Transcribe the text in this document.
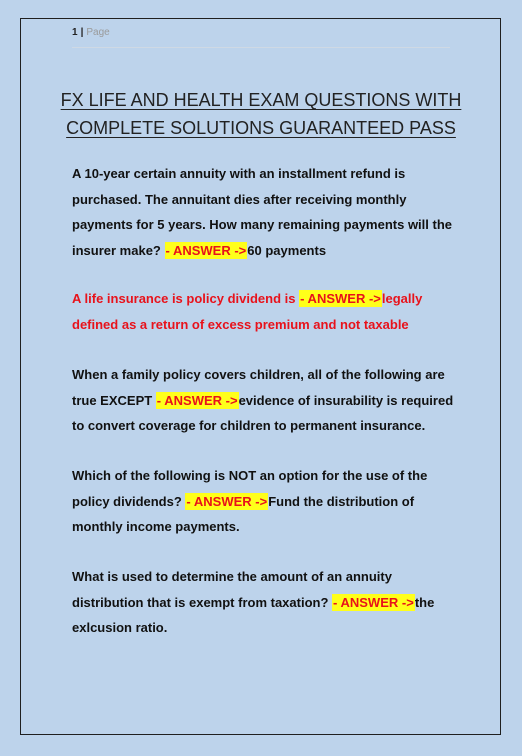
1 | Page
FX LIFE AND HEALTH EXAM QUESTIONS WITH COMPLETE SOLUTIONS GUARANTEED PASS
A 10-year certain annuity with an installment refund is purchased. The annuitant dies after receiving monthly payments for 5 years. How many remaining payments will the insurer make? - ANSWER ->60 payments
A life insurance is policy dividend is - ANSWER ->legally defined as a return of excess premium and not taxable
When a family policy covers children, all of the following are true EXCEPT - ANSWER ->evidence of insurability is required to convert coverage for children to permanent insurance.
Which of the following is NOT an option for the use of the policy dividends? - ANSWER ->Fund the distribution of monthly income payments.
What is used to determine the amount of an annuity distribution that is exempt from taxation? - ANSWER ->the exlcusion ratio.
